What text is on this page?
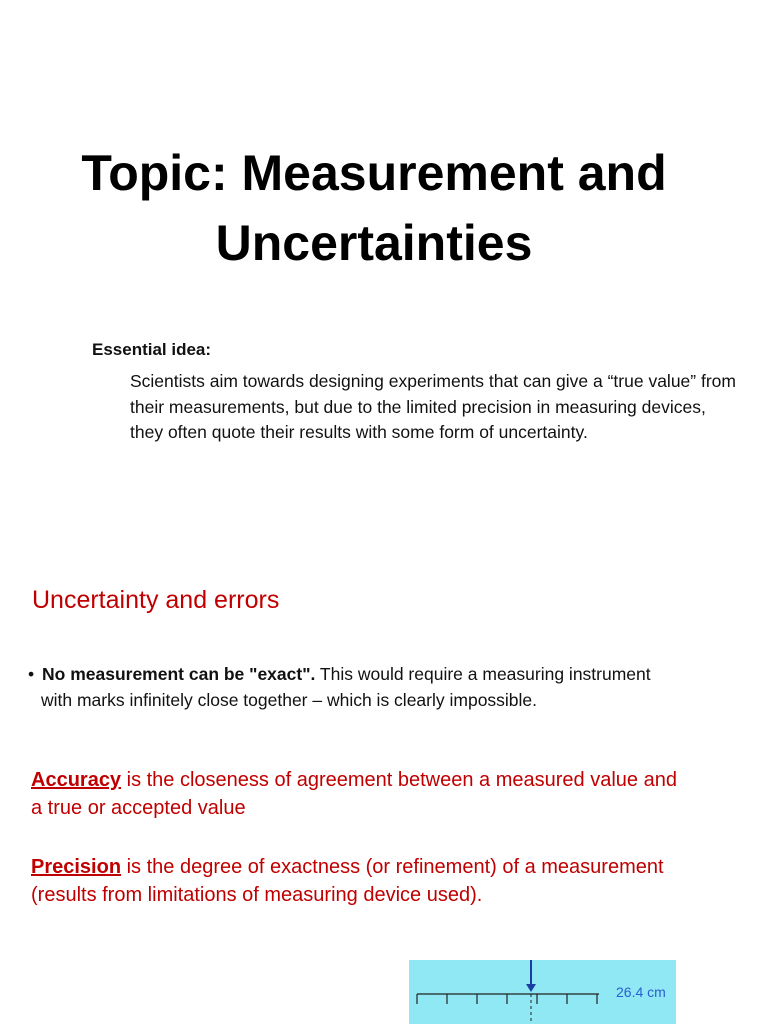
Topic: Measurement and
Uncertainties
Essential idea:
Scientists aim towards designing experiments that can give a “true value” from their measurements, but due to the limited precision in measuring devices, they often quote their results with some form of uncertainty.
Uncertainty and errors
• No measurement can be "exact". This would require a measuring instrument
with marks infinitely close together – which is clearly impossible.
Accuracy is the closeness of agreement between a measured value and a true or accepted value
Precision is the degree of exactness (or refinement) of a measurement (results from limitations of measuring device used).
26.4 cm
